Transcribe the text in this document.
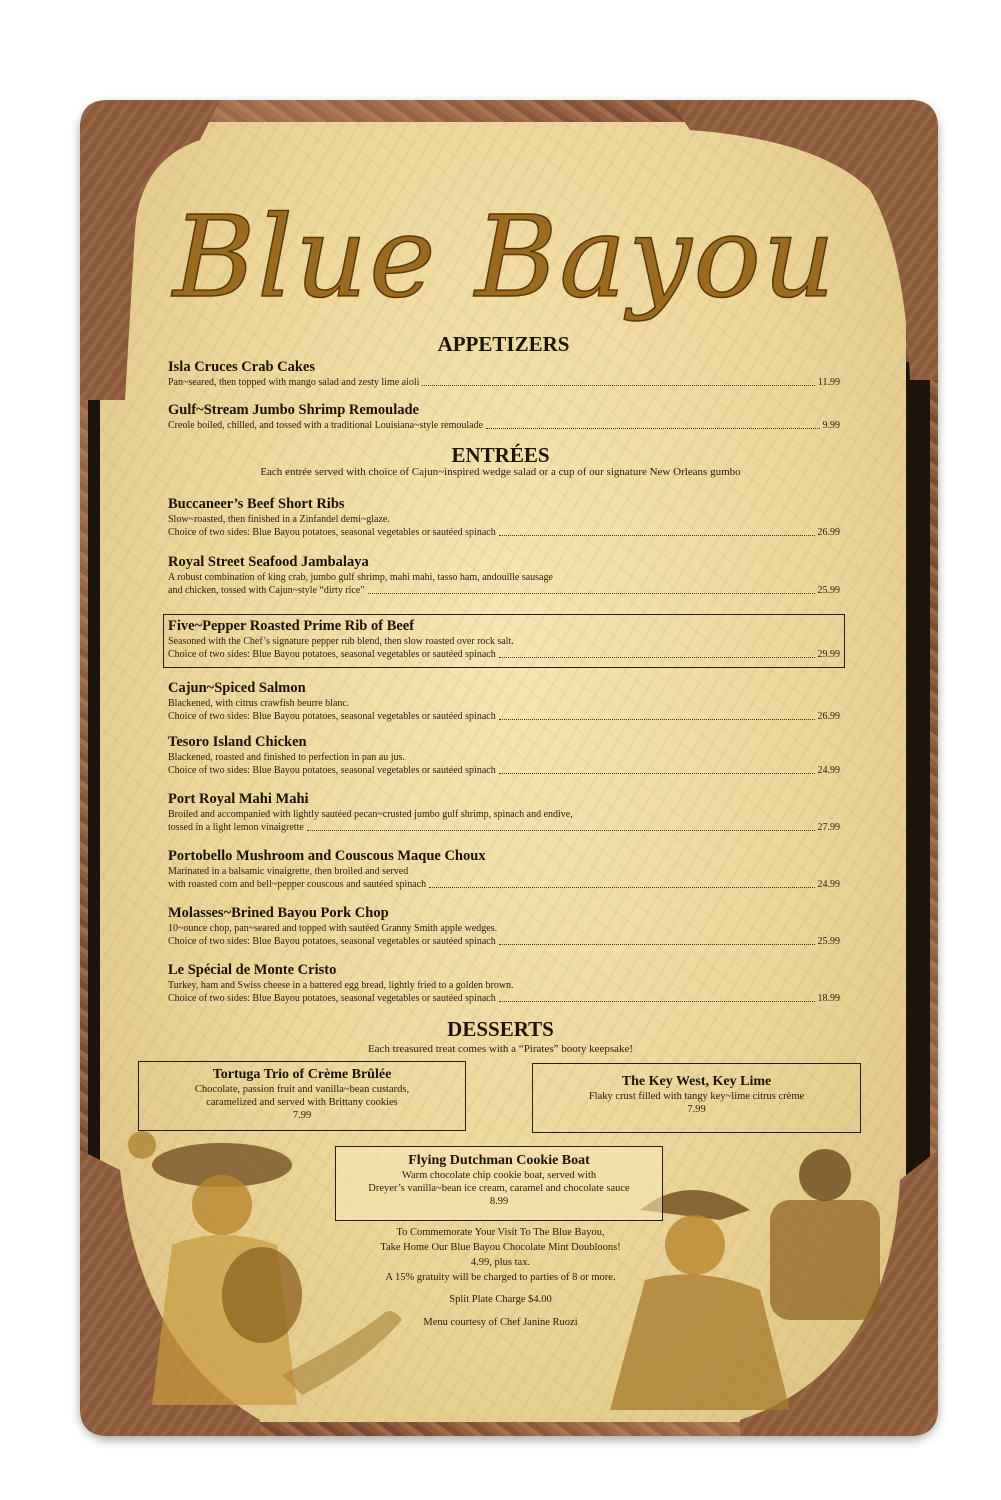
Blue Bayou
APPETIZERS
Isla Cruces Crab Cakes
Pan~seared, then topped with mango salad and zesty lime aioli	11.99
Gulf~Stream Jumbo Shrimp Remoulade
Creole boiled, chilled, and tossed with a traditional Louisiana~style remoulade	9.99
ENTRÉES
Each entrée served with choice of Cajun~inspired wedge salad or a cup of our signature New Orleans gumbo
Buccaneer’s Beef Short Ribs
Slow~roasted, then finished in a Zinfandel demi~glaze.
Choice of two sides: Blue Bayou potatoes, seasonal vegetables or sautéed spinach	26.99
Royal Street Seafood Jambalaya
A robust combination of king crab, jumbo gulf shrimp, mahi mahi, tasso ham, andouille sausage
and chicken, tossed with Cajun~style “dirty rice”	25.99
Five~Pepper Roasted Prime Rib of Beef
Seasoned with the Chef’s signature pepper rub blend, then slow roasted over rock salt.
Choice of two sides: Blue Bayou potatoes, seasonal vegetables or sautéed spinach	29.99
Cajun~Spiced Salmon
Blackened, with citrus crawfish beurre blanc.
Choice of two sides: Blue Bayou potatoes, seasonal vegetables or sautéed spinach	26.99
Tesoro Island Chicken
Blackened, roasted and finished to perfection in pan au jus.
Choice of two sides: Blue Bayou potatoes, seasonal vegetables or sautéed spinach	24.99
Port Royal Mahi Mahi
Broiled and accompanied with lightly sautéed pecan~crusted jumbo gulf shrimp, spinach and endive,
tossed in a light lemon vinaigrette	27.99
Portobello Mushroom and Couscous Maque Choux
Marinated in a balsamic vinaigrette, then broiled and served
with roasted corn and bell~pepper couscous and sautéed spinach	24.99
Molasses~Brined Bayou Pork Chop
10~ounce chop, pan~seared and topped with sautéed Granny Smith apple wedges.
Choice of two sides: Blue Bayou potatoes, seasonal vegetables or sautéed spinach	25.99
Le Spécial de Monte Cristo
Turkey, ham and Swiss cheese in a battered egg bread, lightly fried to a golden brown.
Choice of two sides: Blue Bayou potatoes, seasonal vegetables or sautéed spinach	18.99
DESSERTS
Each treasured treat comes with a “Pirates” booty keepsake!
Tortuga Trio of Crème Brûlée
Chocolate, passion fruit and vanilla~bean custards,
caramelized and served with Brittany cookies
7.99
The Key West, Key Lime
Flaky crust filled with tangy key~lime citrus crème
7.99
Flying Dutchman Cookie Boat
Warm chocolate chip cookie boat, served with
Dreyer’s vanilla~bean ice cream, caramel and chocolate sauce
8.99
To Commemorate Your Visit To The Blue Bayou,
Take Home Our Blue Bayou Chocolate Mint Doubloons!
4.99, plus tax.
A 15% gratuity will be charged to parties of 8 or more.
Split Plate Charge $4.00
Menu courtesy of Chef Janine Ruozi
